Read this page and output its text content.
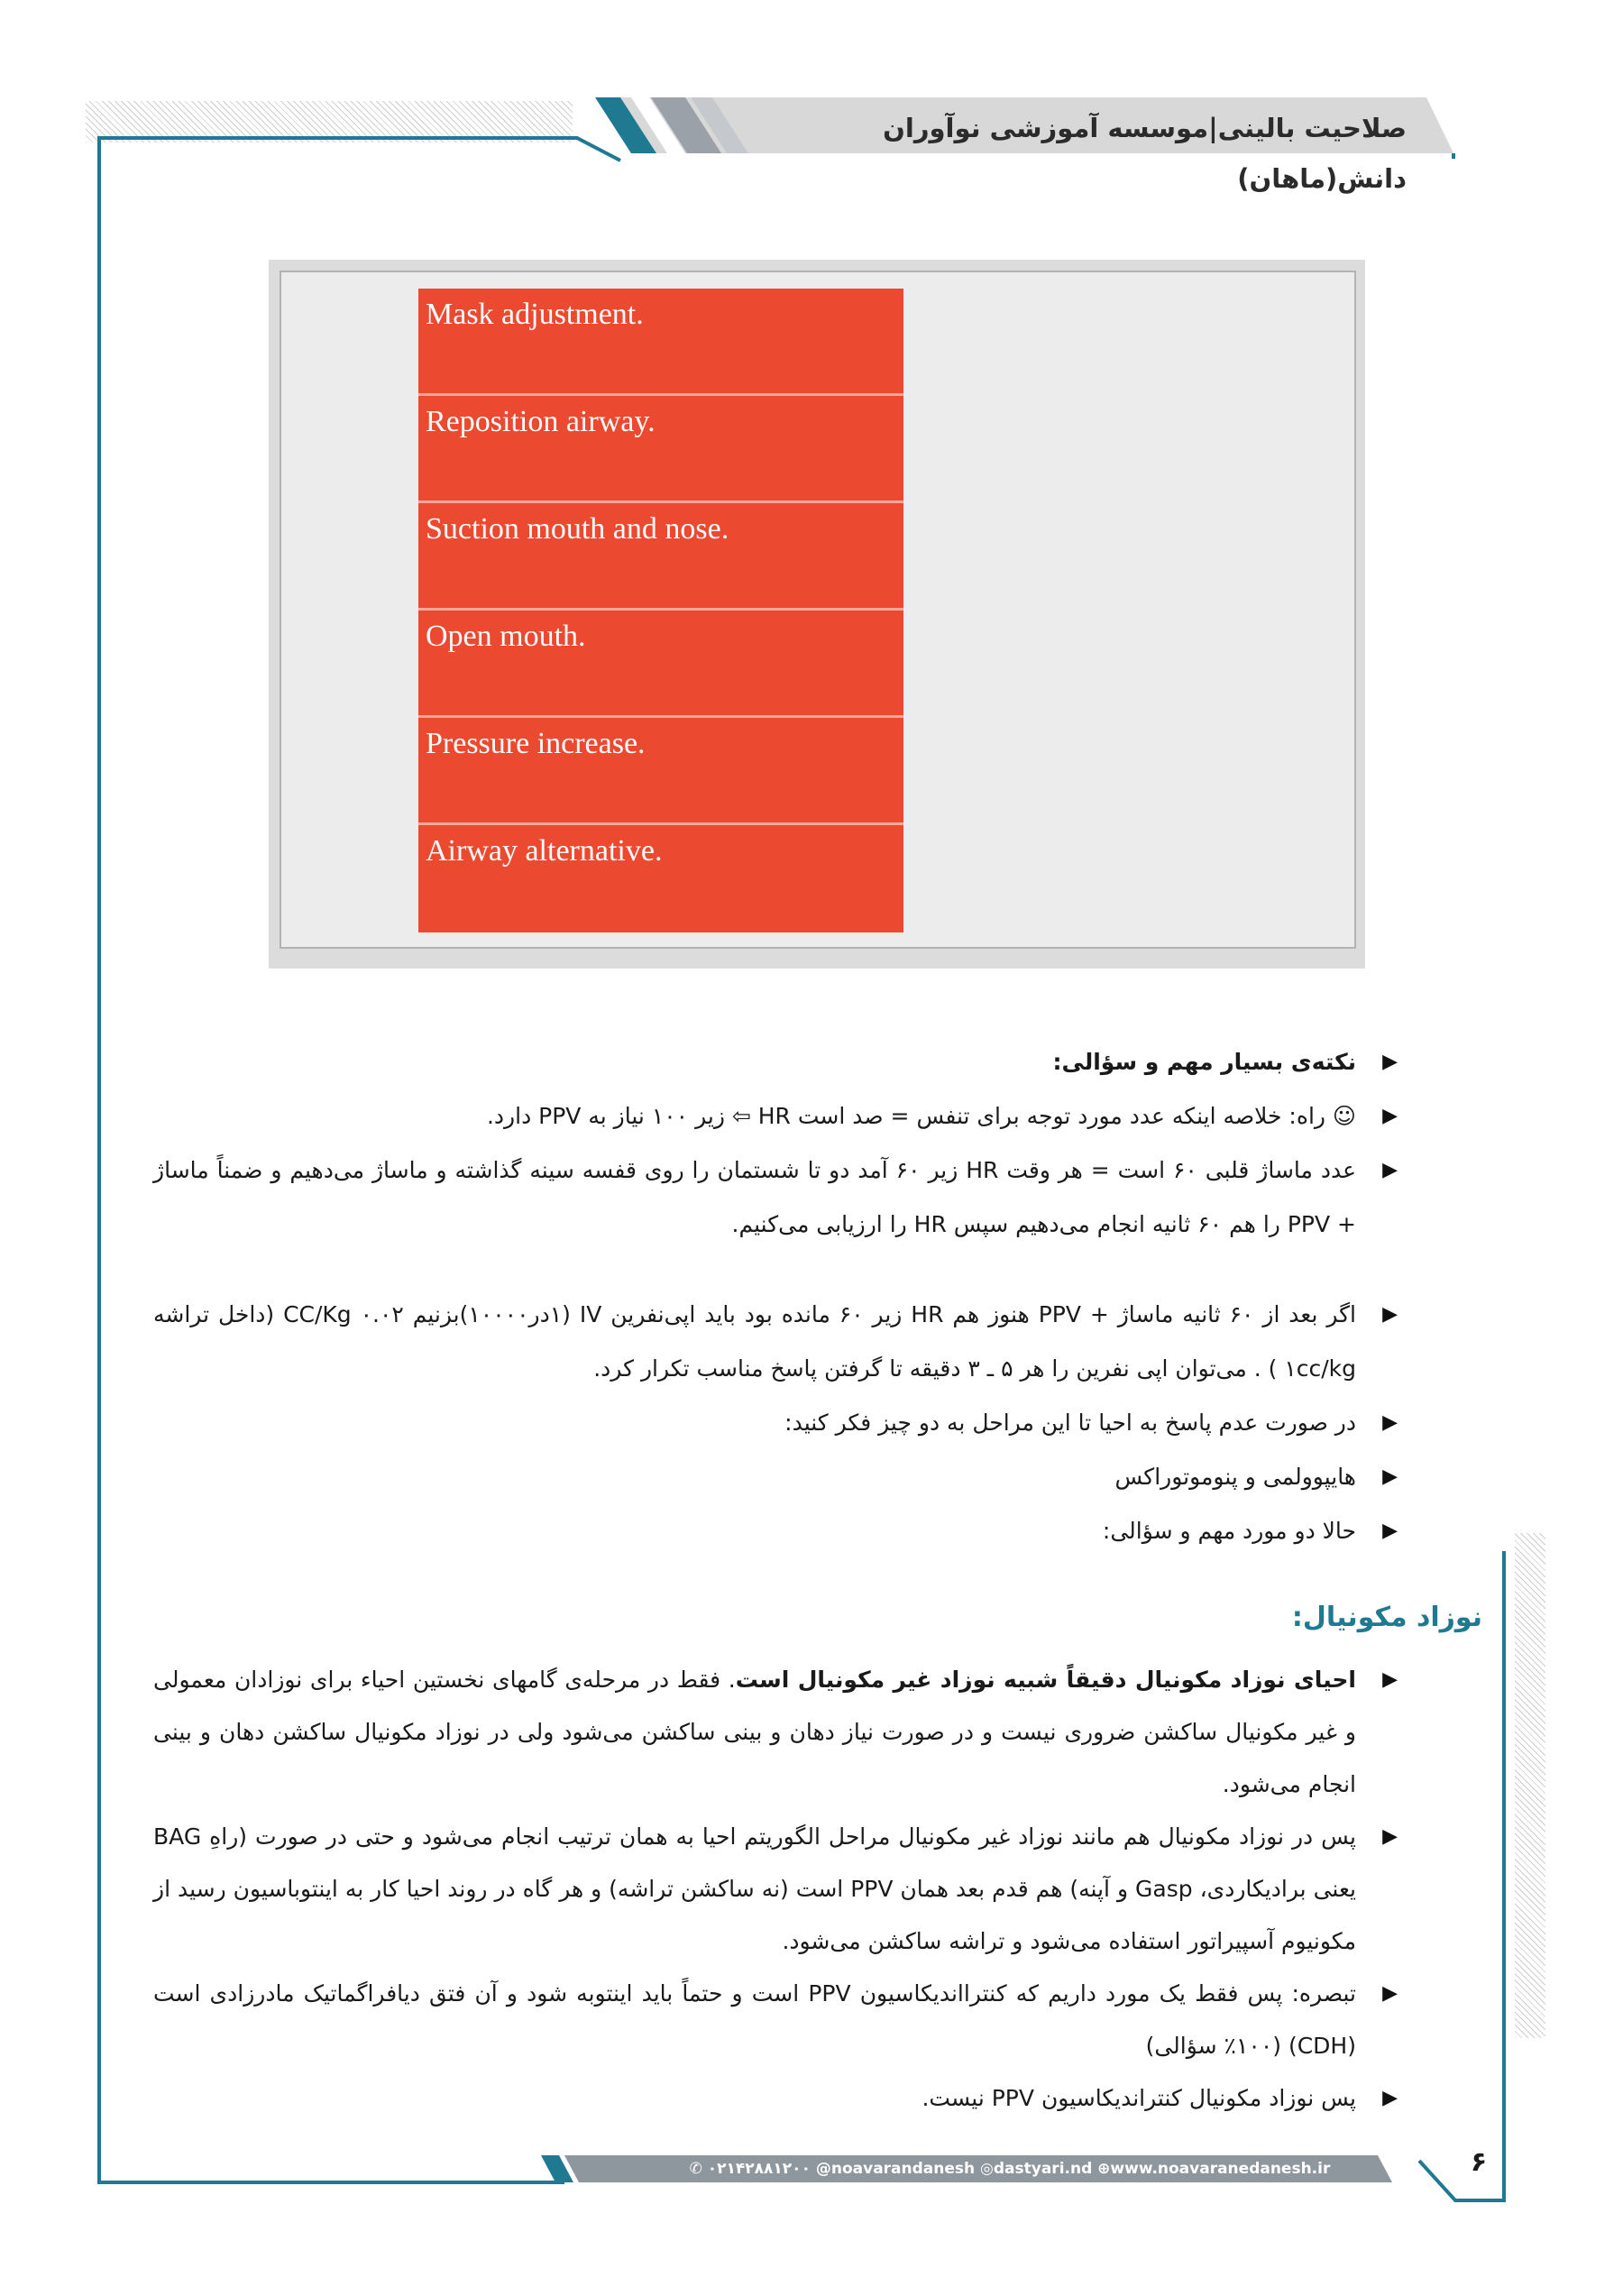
صلاحیت بالینی|موسسه آموزشی نوآوران دانش(ماهان)
Mask adjustment.
Reposition airway.
Suction mouth and nose.
Open mouth.
Pressure increase.
Airway alternative.
▶ نکته‌ی بسیار مهم و سؤالی:
▶ ☺ راه: خلاصه اینکه عدد مورد توجه برای تنفس = صد است HR ⇦ زیر ۱۰۰ نیاز به PPV دارد.
▶ عدد ماساژ قلبی ۶۰ است = هر وقت HR زیر ۶۰ آمد دو تا شستمان را روی قفسه سینه گذاشته و ماساژ می‌دهیم و ضمناً ماساژ + PPV را هم ۶۰ ثانیه انجام می‌دهیم سپس HR را ارزیابی می‌کنیم.
▶ اگر بعد از ۶۰ ثانیه ماساژ + PPV هنوز هم HR زیر ۶۰ مانده بود باید اپی‌نفرین IV (۱در۱۰۰۰۰)بزنیم ۰.۰۲ CC/Kg (داخل تراشه ۱cc/kg ) . می‌توان اپی نفرین را هر ۵ ـ ۳ دقیقه تا گرفتن پاسخ مناسب تکرار کرد.
▶ در صورت عدم پاسخ به احیا تا این مراحل به دو چیز فکر کنید:
▶ هایپوولمی و پنوموتوراکس
▶ حالا دو مورد مهم و سؤالی:
نوزاد مکونیال:
▶ احیای نوزاد مکونیال دقیقاً شبیه نوزاد غیر مکونیال است. فقط در مرحله‌ی گامهای نخستین احیاء برای نوزادان معمولی و غیر مکونیال ساکشن ضروری نیست و در صورت نیاز دهان و بینی ساکشن می‌شود ولی در نوزاد مکونیال ساکشن دهان و بینی انجام می‌شود.
▶ پس در نوزاد مکونیال هم مانند نوزاد غیر مکونیال مراحل الگوریتم احیا به همان ترتیب انجام می‌شود و حتی در صورت (راهِ BAG یعنی برادیکاردی، Gasp و آپنه) هم قدم بعد همان PPV است (نه ساکشن تراشه) و هر گاه در روند احیا کار به اینتوباسیون رسید از مکونیوم آسپیراتور استفاده می‌شود و تراشه ساکشن می‌شود.
▶ تبصره: پس فقط یک مورد داریم که کنترااندیکاسیون PPV است و حتماً باید اینتوبه شود و آن فتق دیافراگماتیک مادرزادی است (CDH) (٪۱۰۰ سؤالی)
▶ پس نوزاد مکونیال کنتراندیکاسیون PPV نیست.
✆ ۰۲۱۴۲۸۸۱۲۰۰ @noavarandanesh ◎dastyari.nd ⊕www.noavaranedanesh.ir	۶
